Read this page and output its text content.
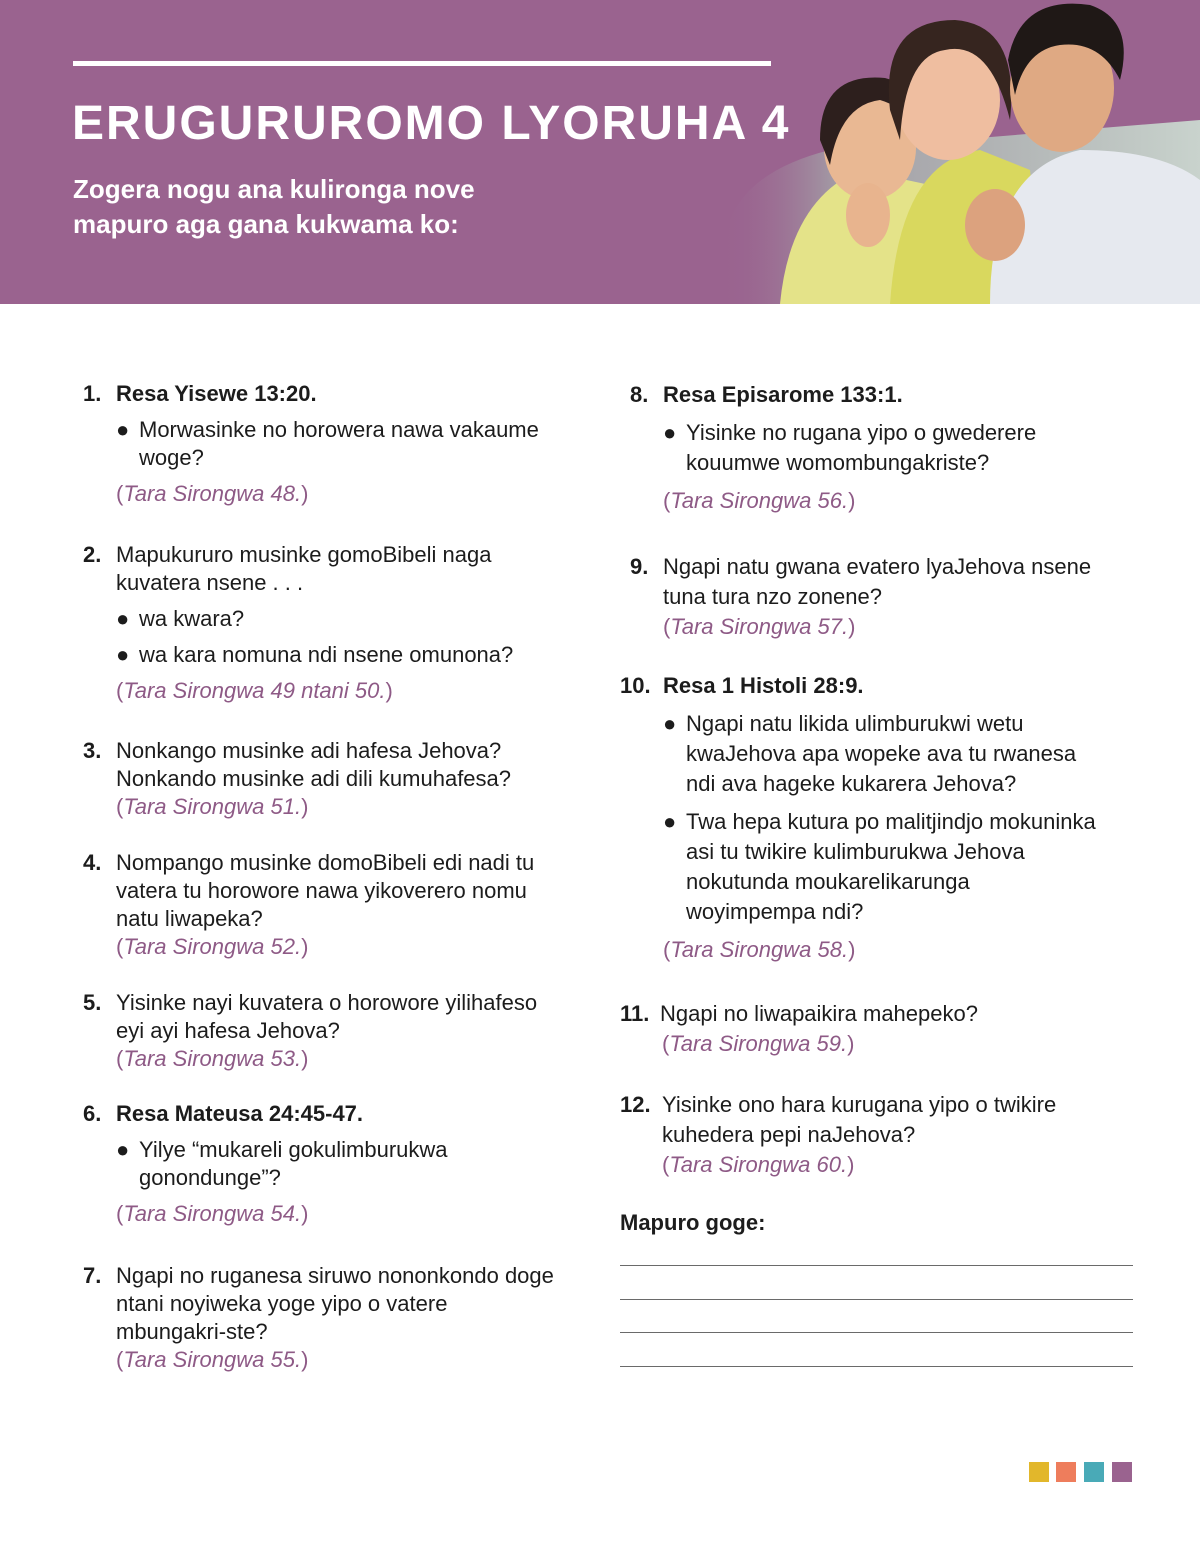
ERUGURUROMO LYORUHA 4

Zogera nogu ana kulironga nove mapuro aga gana kukwama ko:

1. Resa Yisewe 13:20.
● Morwasinke no horowera nawa vakaume woge?
(Tara Sirongwa 48.)
2. Mapukururo musinke gomoBibeli naga kuvatera nsene . . .
● wa kwara?
● wa kara nomuna ndi nsene omunona?
(Tara Sirongwa 49 ntani 50.)
3. Nonkango musinke adi hafesa Jehova? Nonkando musinke adi dili kumuhafesa?
(Tara Sirongwa 51.)
4. Nompango musinke domoBibeli edi nadi tu vatera tu horowore nawa yikoverero nomu natu liwapeka?
(Tara Sirongwa 52.)
5. Yisinke nayi kuvatera o horowore yilihafeso eyi ayi hafesa Jehova?
(Tara Sirongwa 53.)
6. Resa Mateusa 24:45-47.
● Yilye “mukareli gokulimburukwa gonondunge”?
(Tara Sirongwa 54.)
7. Ngapi no ruganesa siruwo nononkondo doge ntani noyiweka yoge yipo o vatere mbungakri-ste?
(Tara Sirongwa 55.)
8. Resa Episarome 133:1.
● Yisinke no rugana yipo o gwederere kouumwe womombungakriste?
(Tara Sirongwa 56.)
9. Ngapi natu gwana evatero lyaJehova nsene tuna tura nzo zonene?
(Tara Sirongwa 57.)
10. Resa 1 Histoli 28:9.
● Ngapi natu likida ulimburukwi wetu kwaJehova apa wopeke ava tu rwanesa ndi ava hageke kukarera Jehova?
● Twa hepa kutura po malitjindjo mokuninka asi tu twikire kulimburukwa Jehova nokutunda moukarelikarunga woyimpempa ndi?
(Tara Sirongwa 58.)
11. Ngapi no liwapaikira mahepeko?
(Tara Sirongwa 59.)
12. Yisinke ono hara kurugana yipo o twikire kuhedera pepi naJehova?
(Tara Sirongwa 60.)
Mapuro goge:
